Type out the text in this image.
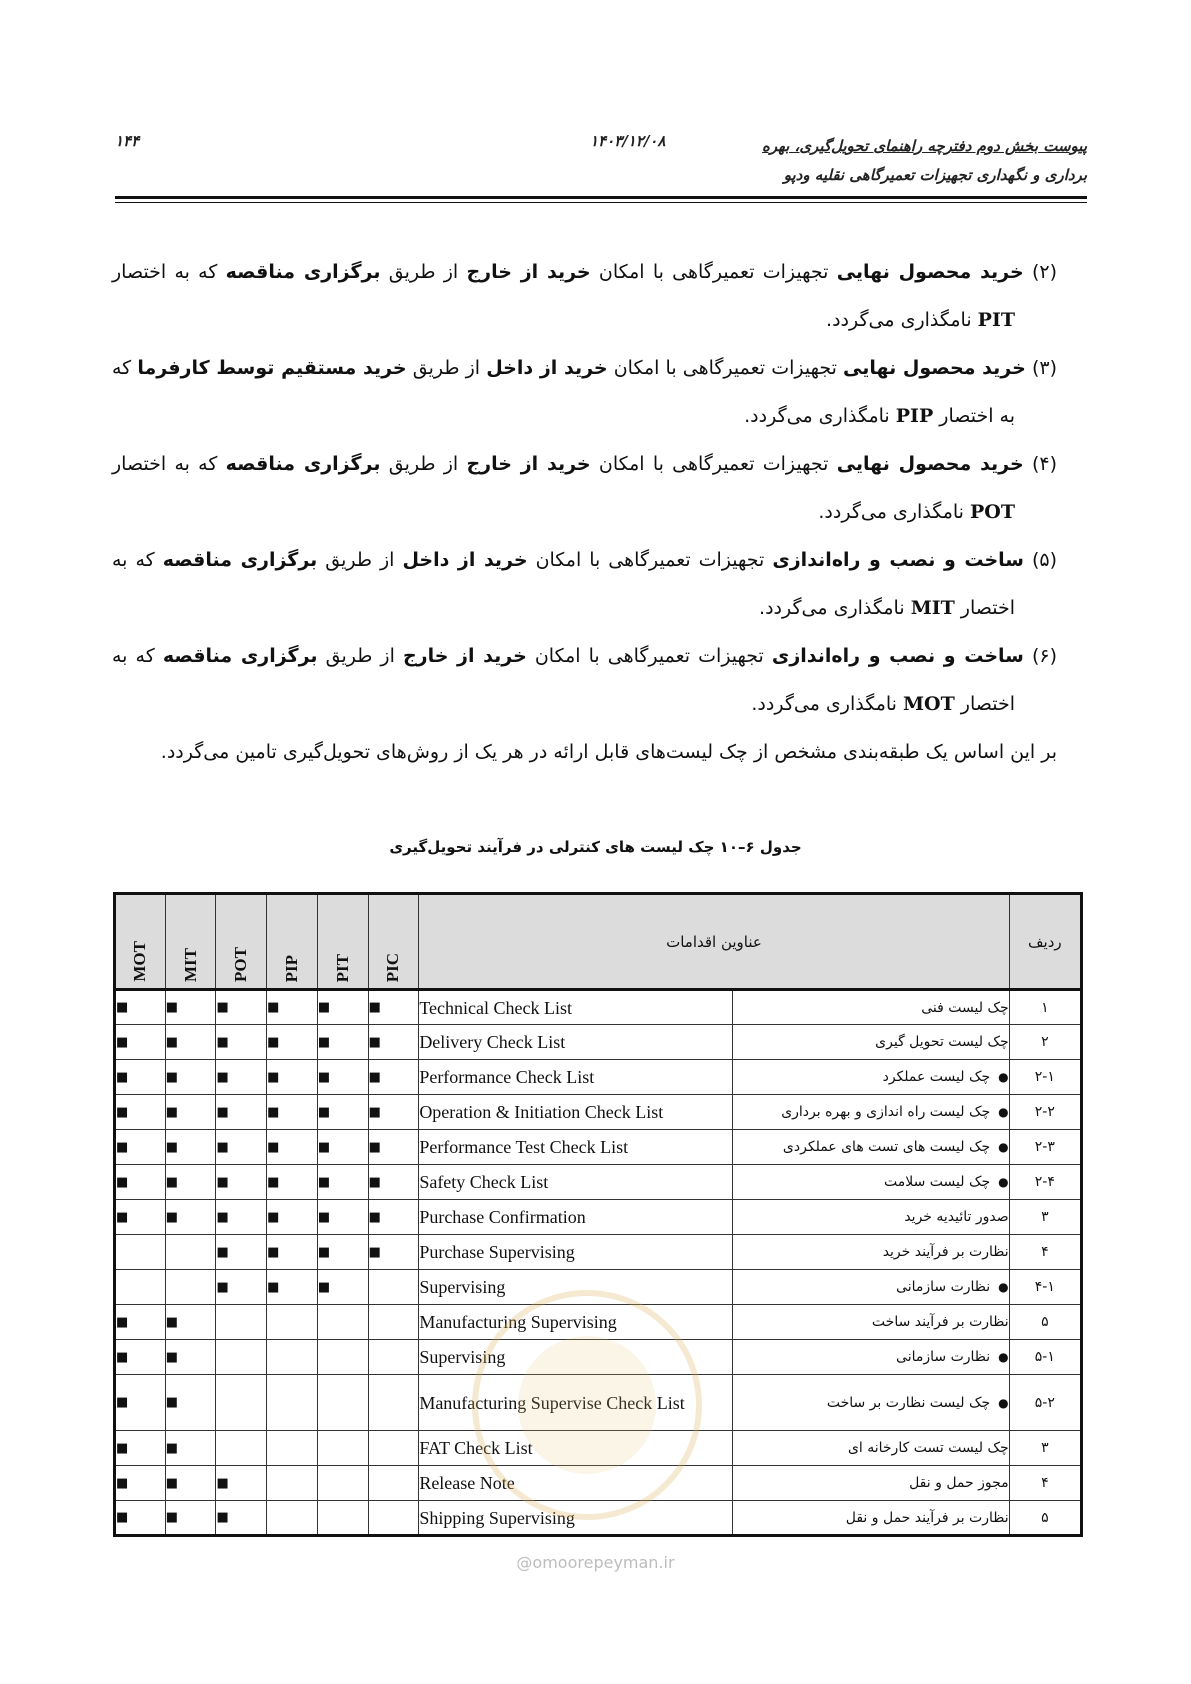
۱۴۴	۱۴۰۳/۱۲/۰۸	پیوست بخش دوم دفترچه راهنمای تحویل‌گیری، بهره
برداری و نگهداری تجهیزات تعمیرگاهی نقلیه ودپو

(۲) خرید محصول نهایی تجهیزات تعمیرگاهی با امکان خرید از خارج از طریق برگزاری مناقصه که به اختصار PIT نامگذاری می‌گردد.

(۳) خرید محصول نهایی تجهیزات تعمیرگاهی با امکان خرید از داخل از طریق خرید مستقیم توسط کارفرما که به اختصار PIP نامگذاری می‌گردد.

(۴) خرید محصول نهایی تجهیزات تعمیرگاهی با امکان خرید از خارج از طریق برگزاری مناقصه که به اختصار POT نامگذاری می‌گردد.

(۵) ساخت و نصب و راه‌اندازی تجهیزات تعمیرگاهی با امکان خرید از داخل از طریق برگزاری مناقصه که به اختصار MIT نامگذاری می‌گردد.

(۶) ساخت و نصب و راه‌اندازی تجهیزات تعمیرگاهی با امکان خرید از خارج از طریق برگزاری مناقصه که به اختصار MOT نامگذاری می‌گردد.

بر این اساس یک طبقه‌بندی مشخص از چک لیست‌های قابل ارائه در هر یک از روش‌های تحویل‌گیری تامین می‌گردد.

جدول ۶–۱۰ چک لیست های کنترلی در فرآیند تحویل‌گیری
MOT	MIT	POT	PIP	PIT	PIC	عناوین اقدامات		ردیف
■	■	■	■	■	■	Technical Check List	چک لیست فنی	۱
■	■	■	■	■	■	Delivery Check List	چک لیست تحویل گیری	۲
■	■	■	■	■	■	Performance Check List	●چک لیست عملکرد	۲-۱
■	■	■	■	■	■	Operation & Initiation Check List	●چک لیست راه اندازی و بهره برداری	۲-۲
■	■	■	■	■	■	Performance Test Check List	●چک لیست های تست های عملکردی	۲-۳
■	■	■	■	■	■	Safety Check List	●چک لیست سلامت	۲-۴
■	■	■	■	■	■	Purchase Confirmation	صدور تائیدیه خرید	۳
		■	■	■	■	Purchase Supervising	نظارت بر فرآیند خرید	۴
		■	■	■		Supervising	●نظارت سازمانی	۴-۱
■	■					Manufacturing Supervising	نظارت بر فرآیند ساخت	۵
■	■					Supervising	●نظارت سازمانی	۵-۱
■	■					Manufacturing Supervise Check List	●چک لیست نظارت بر ساخت	۵-۲
■	■					FAT Check List	چک لیست تست کارخانه ای	۳
■	■	■				Release Note	مجوز حمل و نقل	۴
■	■	■				Shipping Supervising	نظارت بر فرآیند حمل و نقل	۵
@omoorepeyman.ir
